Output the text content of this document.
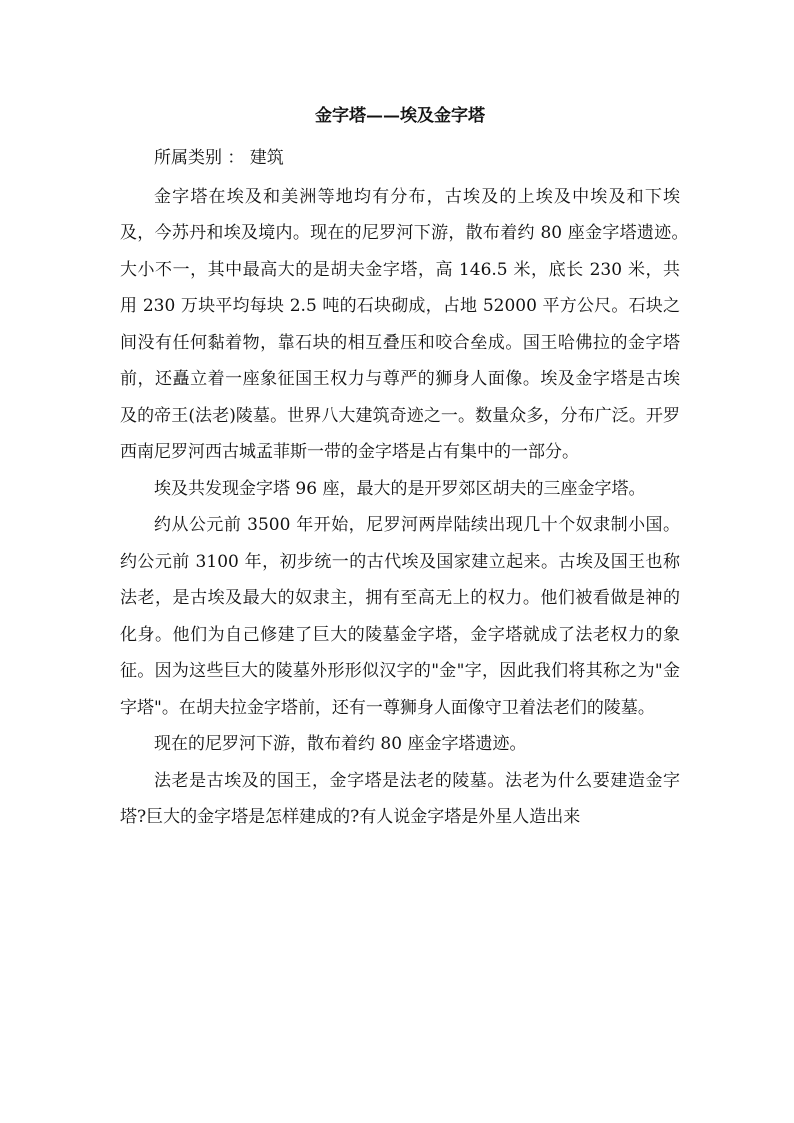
金字塔——埃及金字塔

所属类别 ： 建筑

金字塔在埃及和美洲等地均有分布，古埃及的上埃及中埃及和下埃及，今苏丹和埃及境内。现在的尼罗河下游，散布着约 80 座金字塔遗迹。　大小不一，其中最高大的是胡夫金字塔，高 146.5 米，底长 230 米，共用 230 万块平均每块 2.5 吨的石块砌成，占地 52000 平方公尺。石块之间没有任何黏着物，靠石块的相互叠压和咬合垒成。国王哈佛拉的金字塔前，还矗立着一座象征国王权力与尊严的狮身人面像。埃及金字塔是古埃及的帝王(法老)陵墓。世界八大建筑奇迹之一。数量众多，分布广泛。开罗西南尼罗河西古城孟菲斯一带的金字塔是占有集中的一部分。

埃及共发现金字塔 96 座，最大的是开罗郊区胡夫的三座金字塔。

约从公元前 3500 年开始，尼罗河两岸陆续出现几十个奴隶制小国。约公元前 3100 年，初步统一的古代埃及国家建立起来。古埃及国王也称法老，是古埃及最大的奴隶主，拥有至高无上的权力。他们被看做是神的化身。他们为自己修建了巨大的陵墓金字塔，金字塔就成了法老权力的象征。因为这些巨大的陵墓外形形似汉字的"金"字，因此我们将其称之为"金字塔"。在胡夫拉金字塔前，还有一尊狮身人面像守卫着法老们的陵墓。

现在的尼罗河下游，散布着约 80 座金字塔遗迹。

法老是古埃及的国王，金字塔是法老的陵墓。法老为什么要建造金字塔?巨大的金字塔是怎样建成的?有人说金字塔是外星人造出来
